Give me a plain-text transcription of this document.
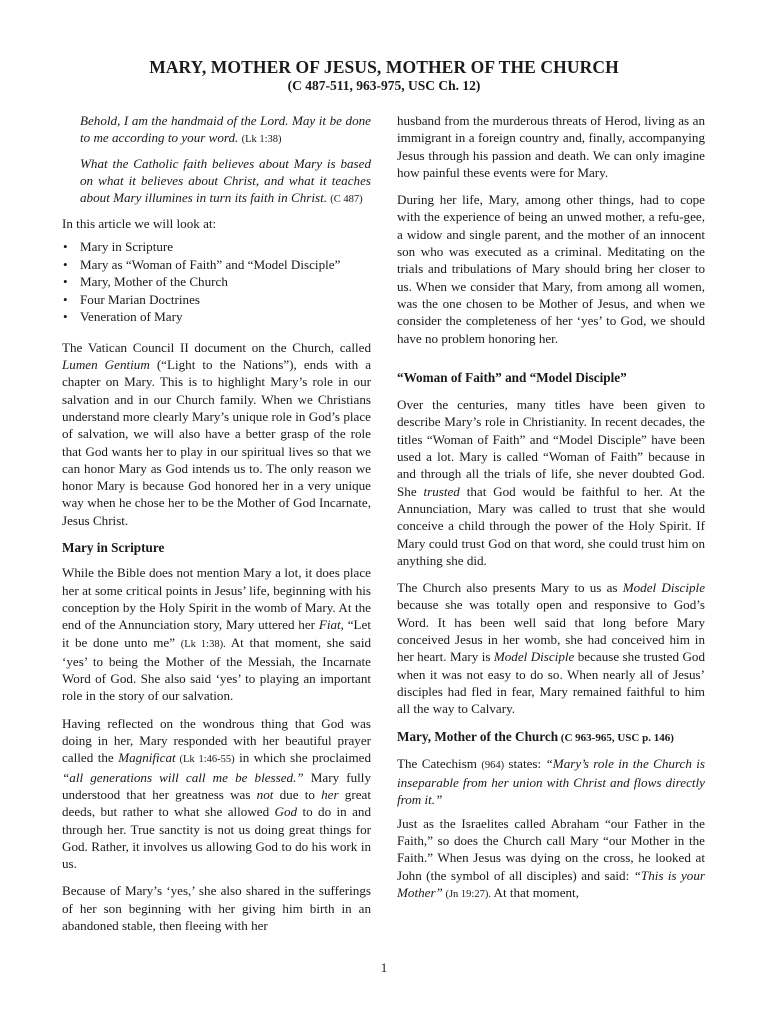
MARY, MOTHER OF JESUS, MOTHER OF THE CHURCH
(C 487-511, 963-975, USC Ch. 12)

Behold, I am the handmaid of the Lord. May it be done to me according to your word. (Lk 1:38)

What the Catholic faith believes about Mary is based on what it believes about Christ, and what it teaches about Mary illumines in turn its faith in Christ. (C 487)

In this article we will look at:

• Mary in Scripture
• Mary as “Woman of Faith” and “Model Disciple”
• Mary, Mother of the Church
• Four Marian Doctrines
• Veneration of Mary

The Vatican Council II document on the Church, called Lumen Gentium (“Light to the Nations”), ends with a chapter on Mary. This is to highlight Mary’s role in our salvation and in our Church family. When we Christians understand more clearly Mary’s unique role in God’s place of salvation, we will also have a better grasp of the role that God wants her to play in our spiritual lives so that we can honor Mary as God intends us to. The only reason we honor Mary is because God honored her in a very unique way when he chose her to be the Mother of God Incarnate, Jesus Christ.

Mary in Scripture

While the Bible does not mention Mary a lot, it does place her at some critical points in Jesus’ life, beginning with his conception by the Holy Spirit in the womb of Mary. At the end of the Annunciation story, Mary uttered her Fiat, “Let it be done unto me” (Lk 1:38). At that moment, she said ‘yes’ to being the Mother of the Messiah, the Incarnate Word of God. She also said ‘yes’ to playing an important role in the story of our salvation.

Having reflected on the wondrous thing that God was doing in her, Mary responded with her beautiful prayer called the Magnificat (Lk 1:46-55) in which she proclaimed “all generations will call me be blessed.” Mary fully understood that her greatness was not due to her great deeds, but rather to what she allowed God to do in and through her. True sanctity is not us doing great things for God. Rather, it involves us allowing God to do his work in us.

Because of Mary’s ‘yes,’ she also shared in the sufferings of her son beginning with her giving him birth in an abandoned stable, then fleeing with her

husband from the murderous threats of Herod, living as an immigrant in a foreign country and, finally, accompanying Jesus through his passion and death. We can only imagine how painful these events were for Mary.

During her life, Mary, among other things, had to cope with the experience of being an unwed mother, a refu-gee, a widow and single parent, and the mother of an innocent son who was executed as a criminal. Meditating on the trials and tribulations of Mary should bring her closer to us. When we consider that Mary, from among all women, was the one chosen to be Mother of Jesus, and when we consider the completeness of her ‘yes’ to God, we should have no problem honoring her.

“Woman of Faith” and “Model Disciple”

Over the centuries, many titles have been given to describe Mary’s role in Christianity. In recent decades, the titles “Woman of Faith” and “Model Disciple” have been used a lot. Mary is called “Woman of Faith” because in and through all the trials of life, she never doubted God. She trusted that God would be faithful to her. At the Annunciation, Mary was called to trust that she would conceive a child through the power of the Holy Spirit. If Mary could trust God on that word, she could trust him on anything she did.

The Church also presents Mary to us as Model Disciple because she was totally open and responsive to God’s Word. It has been well said that long before Mary conceived Jesus in her womb, she had conceived him in her heart. Mary is Model Disciple because she trusted God when it was not easy to do so. When nearly all of Jesus’ disciples had fled in fear, Mary remained faithful to him all the way to Calvary.

Mary, Mother of the Church (C 963-965, USC p. 146)

The Catechism (964) states: “Mary’s role in the Church is inseparable from her union with Christ and flows directly from it.”

Just as the Israelites called Abraham “our Father in the Faith,” so does the Church call Mary “our Mother in the Faith.” When Jesus was dying on the cross, he looked at John (the symbol of all disciples) and said: “This is your Mother” (Jn 19:27). At that moment,

1
